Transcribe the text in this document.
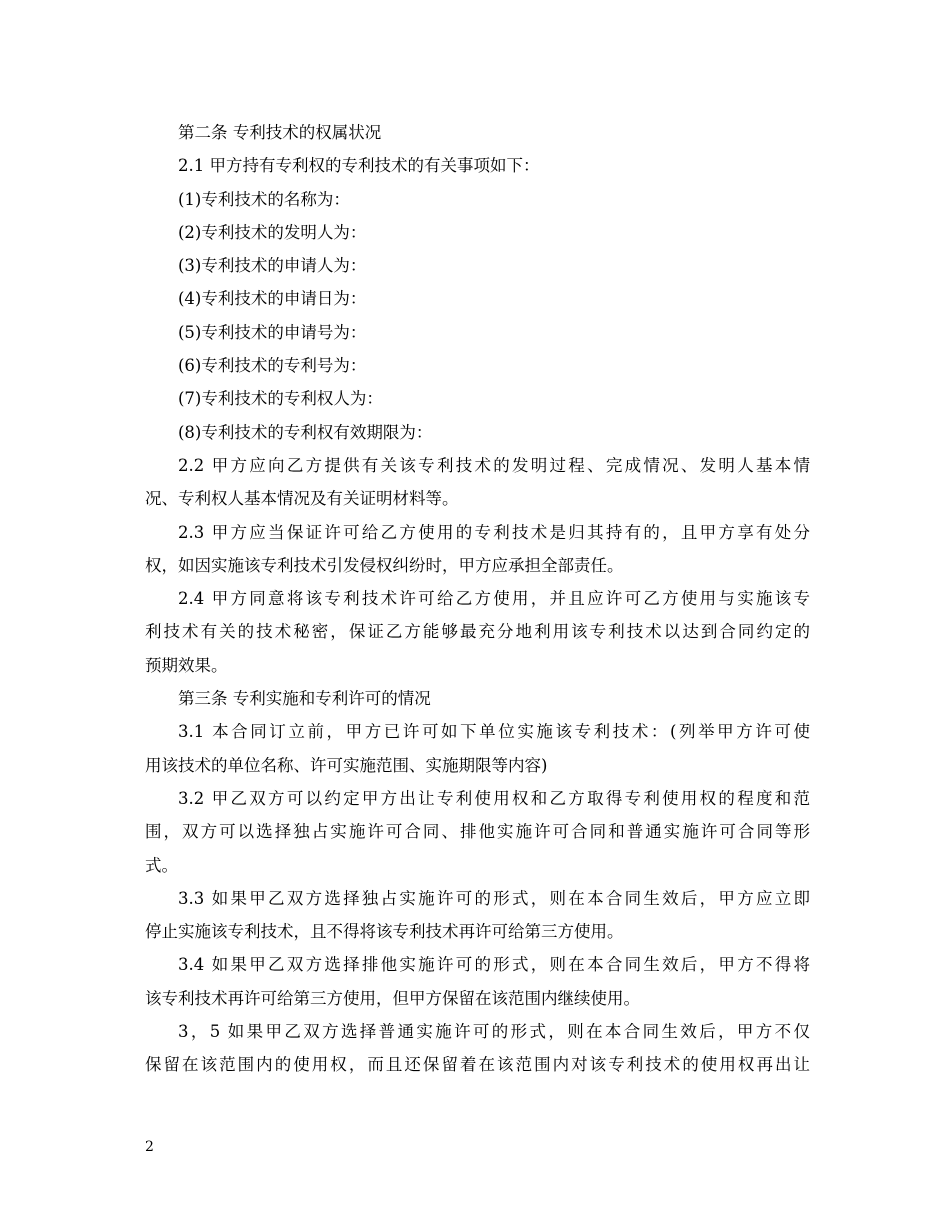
第二条 专利技术的权属状况
2.1 甲方持有专利权的专利技术的有关事项如下：
(1)专利技术的名称为：
(2)专利技术的发明人为：
(3)专利技术的申请人为：
(4)专利技术的申请日为：
(5)专利技术的申请号为：
(6)专利技术的专利号为：
(7)专利技术的专利权人为：
(8)专利技术的专利权有效期限为：
2.2 甲方应向乙方提供有关该专利技术的发明过程、完成情况、发明人基本情
况、专利权人基本情况及有关证明材料等。
2.3 甲方应当保证许可给乙方使用的专利技术是归其持有的，且甲方享有处分
权，如因实施该专利技术引发侵权纠纷时，甲方应承担全部责任。
2.4 甲方同意将该专利技术许可给乙方使用，并且应许可乙方使用与实施该专
利技术有关的技术秘密，保证乙方能够最充分地利用该专利技术以达到合同约定的
预期效果。
第三条 专利实施和专利许可的情况
3.1 本合同订立前，甲方已许可如下单位实施该专利技术：(列举甲方许可使
用该技术的单位名称、许可实施范围、实施期限等内容)
3.2 甲乙双方可以约定甲方出让专利使用权和乙方取得专利使用权的程度和范
围，双方可以选择独占实施许可合同、排他实施许可合同和普通实施许可合同等形
式。
3.3 如果甲乙双方选择独占实施许可的形式，则在本合同生效后，甲方应立即
停止实施该专利技术，且不得将该专利技术再许可给第三方使用。
3.4 如果甲乙双方选择排他实施许可的形式，则在本合同生效后，甲方不得将
该专利技术再许可给第三方使用，但甲方保留在该范围内继续使用。
3，5 如果甲乙双方选择普通实施许可的形式，则在本合同生效后，甲方不仅
保留在该范围内的使用权，而且还保留着在该范围内对该专利技术的使用权再出让
2
